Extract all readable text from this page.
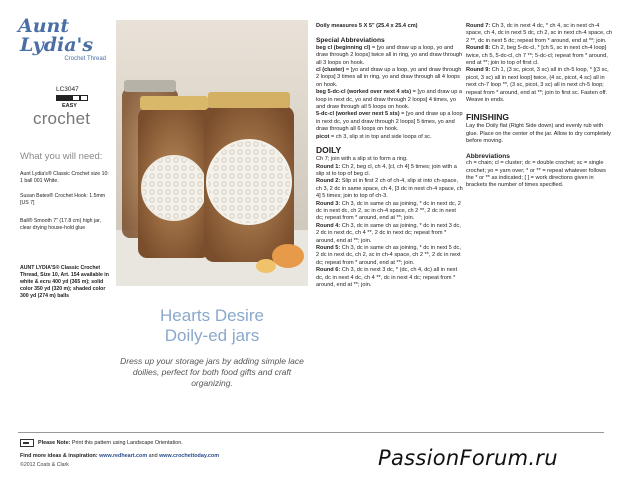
Aunt
Lydia's
Crochet Thread
LC3047
EASY
crochet
What you will need:
Aunt Lydia's® Classic Crochet size 10: 1 ball 001 White.
Susan Bates® Crochet Hook: 1.5mm [US 7]
Ball® Smooth 7" (17.8 cm) high jar, clear drying house-hold glue
AUNT LYDIA'S® Classic Crochet Thread, Size 10, Art. 154 available in white & ecru 400 yd (365 m); solid color 350 yd (320 m); shaded color 300 yd (274 m) balls
Hearts Desire
Doily-ed jars
Dress up your storage jars by adding simple lace doilies, perfect for both food gifts and craft organizing.

Doily measures 5 X 5" (25.4 x 25.4 cm)

Special Abbreviations

beg cl (beginning cl) = [yo and draw up a loop, yo and draw through 2 loops] twice all in ring, yo and draw through all 3 loops on hook.

cl (cluster) = [yo and draw up a loop, yo and draw through 2 loops] 3 times all in ring, yo and draw through all 4 loops on hook.

beg 5-dc-cl (worked over next 4 sts) = [yo and draw up a loop in next dc, yo and draw through 2 loops] 4 times, yo and draw through all 5 loops on hook.

5-dc-cl (worked over next 5 sts) = [yo and draw up a loop in next dc, yo and draw through 2 loops] 5 times, yo and draw through all 6 loops on hook.

picot = ch 3, slip st in top and side loops of sc.

DOILY

Ch 7; join with a slip st to form a ring.

Round 1: Ch 2, beg cl, ch 4, [cl, ch 4] 5 times; join with a slip st to top of beg cl.

Round 2: Slip st in first 2 ch of ch-4, slip st into ch-space, ch 3, 2 dc in same space, ch 4, [3 dc in next ch-4 space, ch 4] 5 times; join to top of ch-3.

Round 3: Ch 3, dc in same ch as joining, * dc in next dc, 2 dc in next dc, ch 2, sc in ch-4 space, ch 2 **, 2 dc in next dc; repeat from * around, end at **; join.

Round 4: Ch 3, dc in same ch as joining, * dc in next 3 dc, 2 dc in next dc, ch 4 **, 2 dc in next dc; repeat from * around, end at **; join.

Round 5: Ch 3, dc in same ch as joining, * dc in next 5 dc, 2 dc in next dc, ch 2, sc in ch-4 space, ch 2 **, 2 dc in next dc; repeat from * around, end at **; join.

Round 6: Ch 3, dc in next 3 dc, * (dc, ch 4, dc) all in next dc, dc in next 4 dc, ch 4 **, dc in next 4 dc; repeat from * around, end at **; join.

Round 7: Ch 3, dc in next 4 dc, * ch 4, sc in next ch-4 space, ch 4, dc in next 5 dc, ch 2, sc in next ch-4 space, ch 2 **, dc in next 5 dc; repeat from * around, end at **; join.

Round 8: Ch 2, beg 5-dc-cl, * [ch 5, sc in next ch-4 loop] twice, ch 5, 5-dc-cl, ch 7 **; 5-dc-cl; repeat from * around, end at **; join to top of first cl.

Round 9: Ch 1, (3 sc, picot, 3 sc) all in ch-5 loop, * [(3 sc, picot, 3 sc) all in next loop] twice, (4 sc, picot, 4 sc) all in next ch-7 loop **, (3 sc, picot, 3 sc) all in next ch-5 loop; repeat from * around, end at **; join to first sc. Fasten off. Weave in ends.

FINISHING

Lay the Doily flat (Right Side down) and evenly rub with glue. Place on the center of the jar. Allow to dry completely before moving.

Abbreviations

ch = chain; cl = cluster; dc = double crochet; sc = single crochet; yo = yarn over; * or ** = repeat whatever follows the * or ** as indicated; [ ] = work directions given in brackets the number of times specified.

Please Note: Print this pattern using Landscape Orientation.
Find more ideas & inspiration: www.redheart.com and www.crochettoday.com
©2012 Coats & Clark	PassionForum.ru
